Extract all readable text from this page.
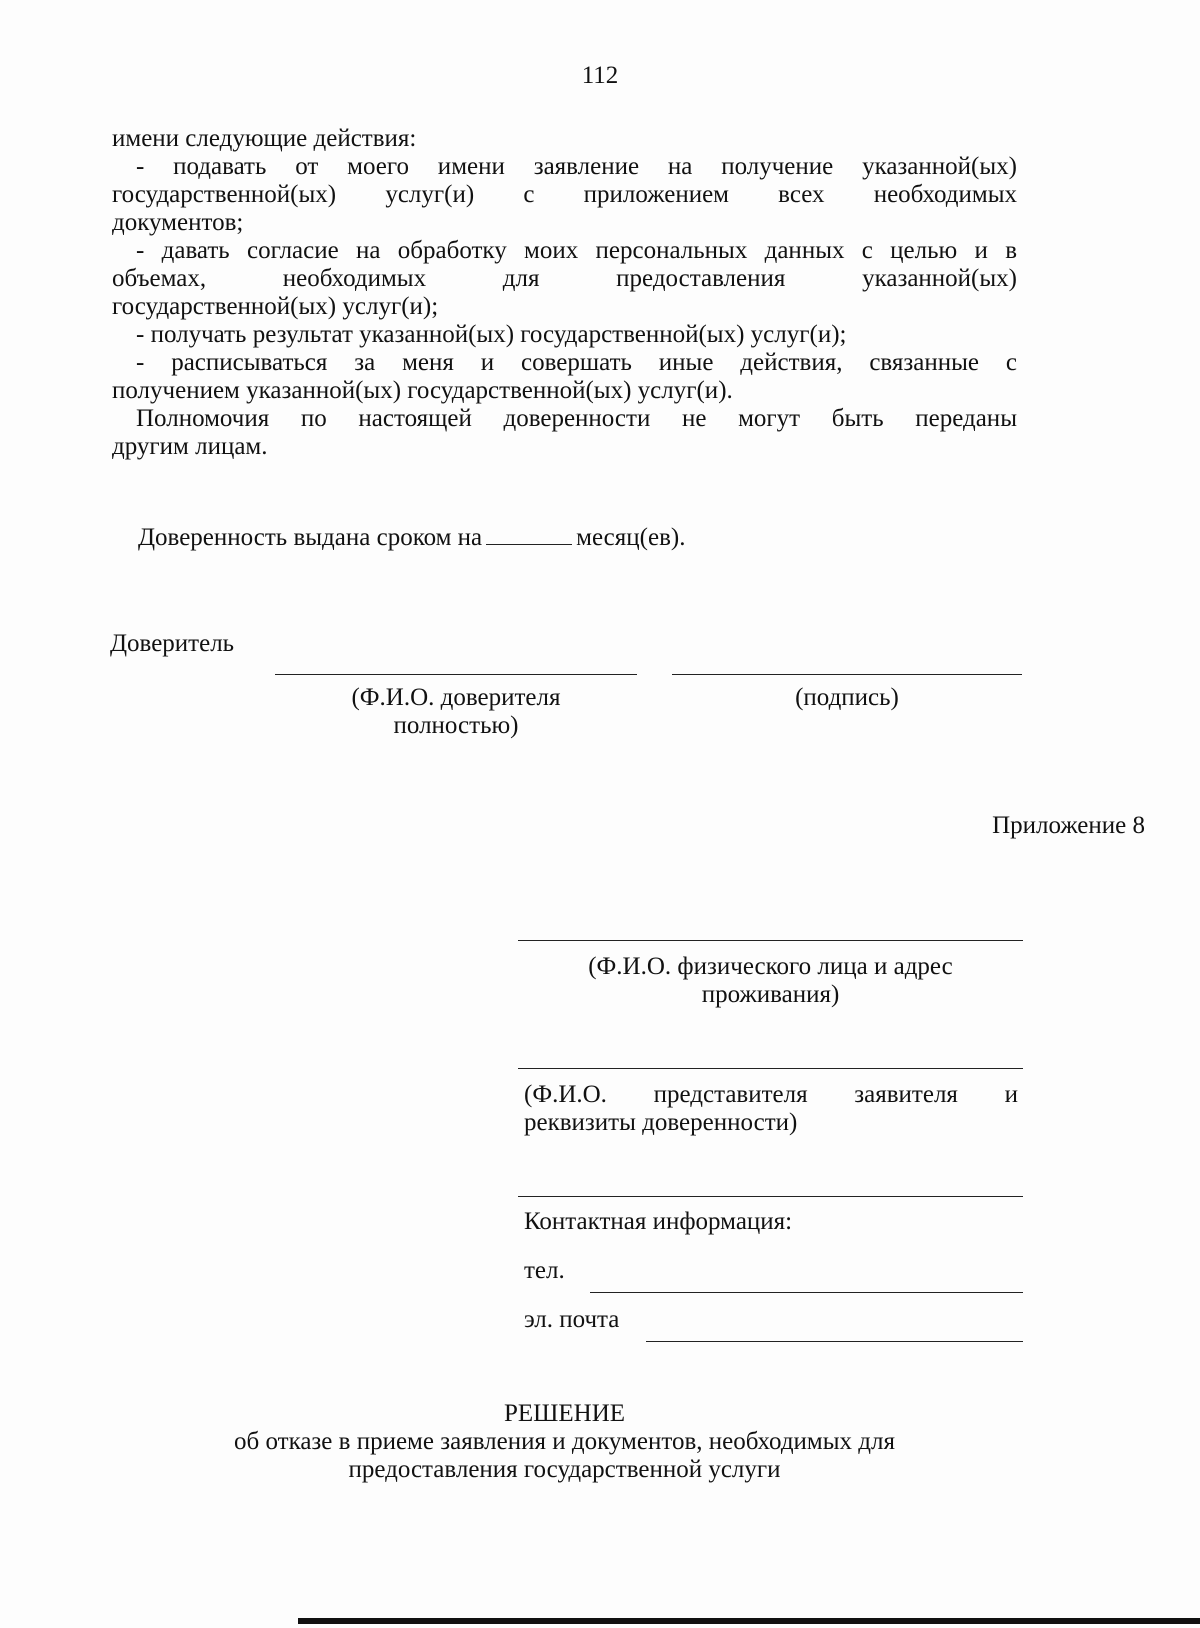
112
имени следующие действия:
- подавать от моего имени заявление на получение указанной(ых)
государственной(ых) услуг(и) с приложением всех необходимых
документов;
- давать согласие на обработку моих персональных данных с целью и в
объемах, необходимых для предоставления указанной(ых)
государственной(ых) услуг(и);
- получать результат указанной(ых) государственной(ых) услуг(и);
- расписываться за меня и совершать иные действия, связанные с
получением указанной(ых) государственной(ых) услуг(и).
Полномочия по настоящей доверенности не могут быть переданы
другим лицам.
Доверенность выдана сроком на	месяц(ев).
Доверитель
(Ф.И.О. доверителя
полностью)
(подпись)
Приложение 8
(Ф.И.О. физического лица и адрес
проживания)
(Ф.И.О. представителя заявителя и
реквизиты доверенности)
Контактная информация:
тел.
эл. почта
РЕШЕНИЕ
об отказе в приеме заявления и документов, необходимых для
предоставления государственной услуги
